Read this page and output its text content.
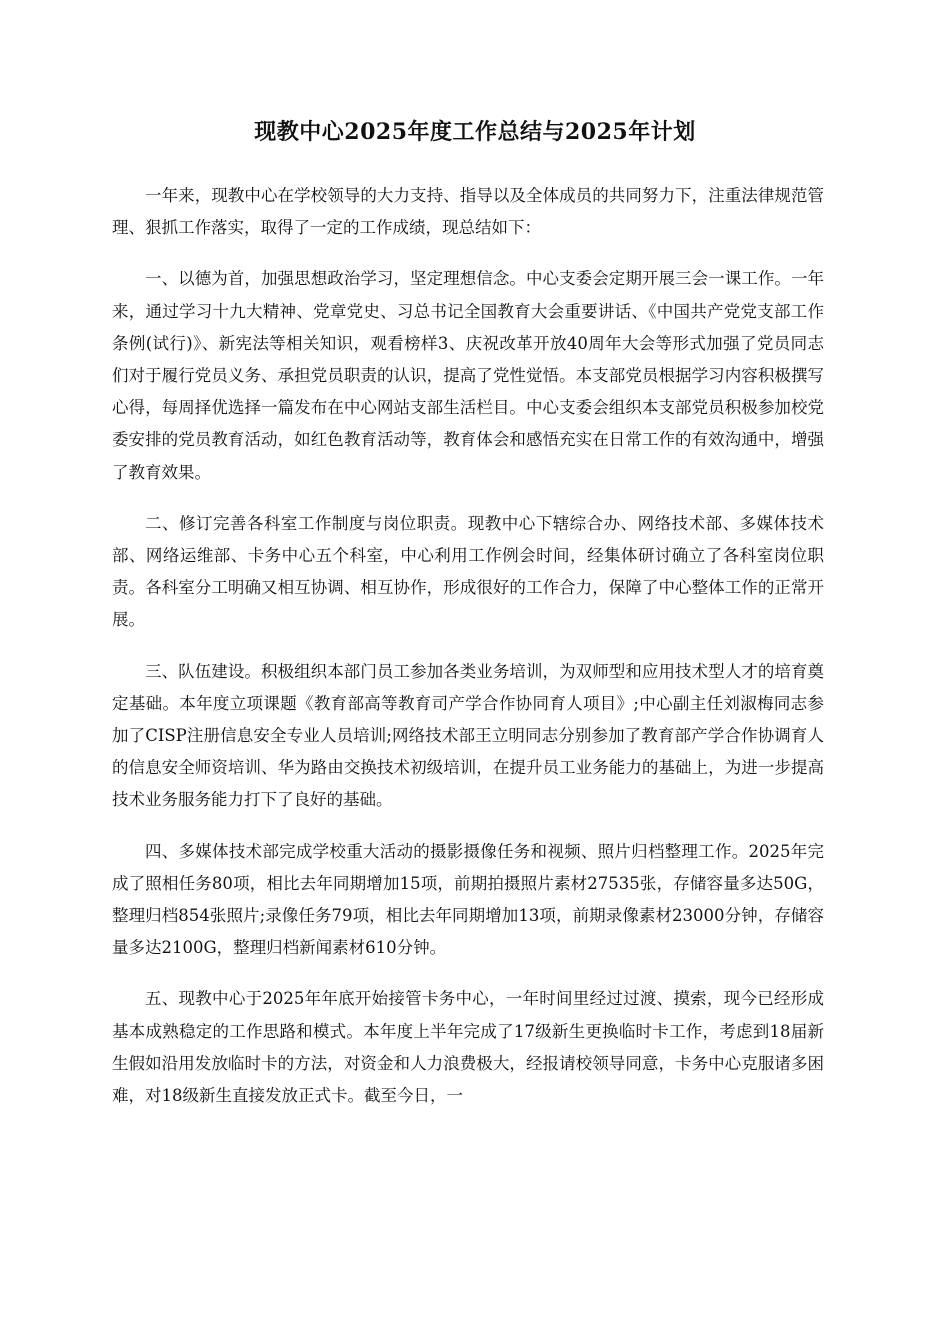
现教中心2025年度工作总结与2025年计划

一年来，现教中心在学校领导的大力支持、指导以及全体成员的共同努力下，注重法律规范管理、狠抓工作落实，取得了一定的工作成绩，现总结如下：

一、以德为首，加强思想政治学习，坚定理想信念。中心支委会定期开展三会一课工作。一年来，通过学习十九大精神、党章党史、习总书记全国教育大会重要讲话、《中国共产党党支部工作条例(试行)》、新宪法等相关知识，观看榜样3、庆祝改革开放40周年大会等形式加强了党员同志们对于履行党员义务、承担党员职责的认识，提高了党性觉悟。本支部党员根据学习内容积极撰写心得，每周择优选择一篇发布在中心网站支部生活栏目。中心支委会组织本支部党员积极参加校党委安排的党员教育活动，如红色教育活动等，教育体会和感悟充实在日常工作的有效沟通中，增强了教育效果。

二、修订完善各科室工作制度与岗位职责。现教中心下辖综合办、网络技术部、多媒体技术部、网络运维部、卡务中心五个科室，中心利用工作例会时间，经集体研讨确立了各科室岗位职责。各科室分工明确又相互协调、相互协作，形成很好的工作合力，保障了中心整体工作的正常开展。

三、队伍建设。积极组织本部门员工参加各类业务培训，为双师型和应用技术型人才的培育奠定基础。本年度立项课题《教育部高等教育司产学合作协同育人项目》;中心副主任刘淑梅同志参加了CISP注册信息安全专业人员培训;网络技术部王立明同志分别参加了教育部产学合作协调育人的信息安全师资培训、华为路由交换技术初级培训，在提升员工业务能力的基础上，为进一步提高技术业务服务能力打下了良好的基础。

四、多媒体技术部完成学校重大活动的摄影摄像任务和视频、照片归档整理工作。2025年完成了照相任务80项，相比去年同期增加15项，前期拍摄照片素材27535张，存储容量多达50G，整理归档854张照片;录像任务79项，相比去年同期增加13项，前期录像素材23000分钟，存储容量多达2100G，整理归档新闻素材610分钟。

五、现教中心于2025年年底开始接管卡务中心，一年时间里经过过渡、摸索，现今已经形成基本成熟稳定的工作思路和模式。本年度上半年完成了17级新生更换临时卡工作，考虑到18届新生假如沿用发放临时卡的方法，对资金和人力浪费极大，经报请校领导同意，卡务中心克服诸多困难，对18级新生直接发放正式卡。截至今日，一
